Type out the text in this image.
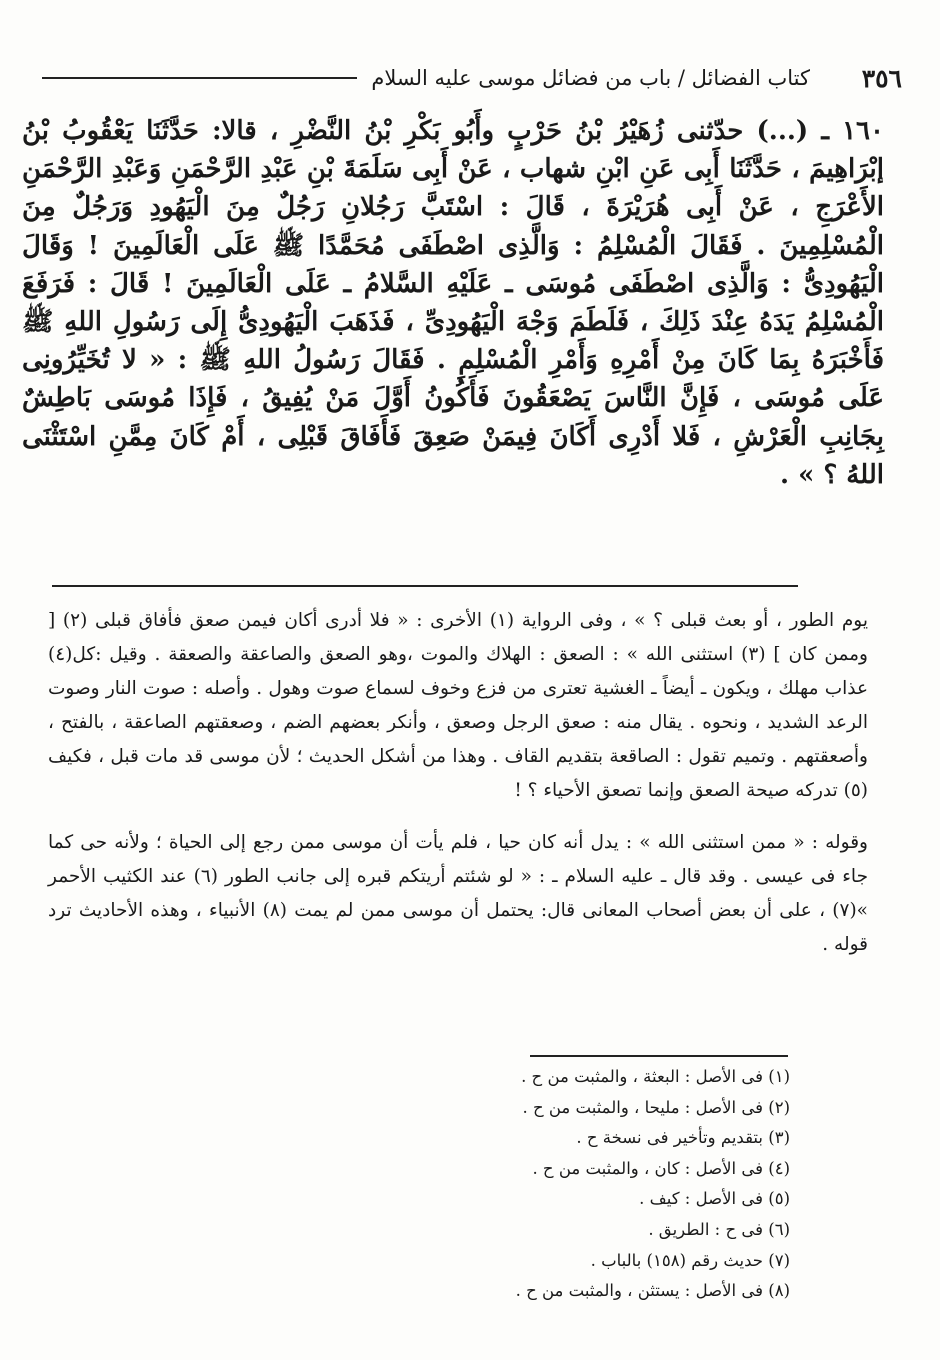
كتاب الفضائل / باب من فضائل موسى عليه السلام ٣٥٦

١٦٠ ـ (...) حدّثنى زُهَيْرُ بْنُ حَرْبٍ وأَبُو بَكْرِ بْنُ النَّضْرِ ، قالا: حَدَّثَنَا يَعْقُوبُ بْنُ إبْرَاهِيمَ ، حَدَّثَنَا أَبِى عَنِ ابْنِ شهاب ، عَنْ أَبِى سَلَمَةَ بْنِ عَبْدِ الرَّحْمَنِ وَعَبْدِ الرَّحْمَنِ الأَعْرَجِ ، عَنْ أَبِى هُرَيْرَةَ ، قَالَ : اسْتَبَّ رَجُلانِ رَجُلٌ مِنَ الْيَهُودِ وَرَجُلٌ مِنَ الْمُسْلِمِينَ . فَقَالَ الْمُسْلِمُ : وَالَّذِى اصْطَفَى مُحَمَّدًا ﷺ عَلَى الْعَالَمِينَ ! وَقَالَ الْيَهُودِىُّ : وَالَّذِى اصْطَفَى مُوسَى ـ عَلَيْهِ السَّلامُ ـ عَلَى الْعَالَمِينَ ! قَالَ : فَرَفَعَ الْمُسْلِمُ يَدَهُ عِنْدَ ذَلِكَ ، فَلَطَمَ وَجْهَ الْيَهُودِىِّ ، فَذَهَبَ الْيَهُودِىُّ إِلَى رَسُولِ اللهِ ﷺ فَأَخْبَرَهُ بِمَا كَانَ مِنْ أَمْرِهِ وَأَمْرِ الْمُسْلِمِ . فَقَالَ رَسُولُ اللهِ ﷺ : « لا تُخَيِّرُونِى عَلَى مُوسَى ، فَإِنَّ النَّاسَ يَصْعَقُونَ فَأَكُونُ أَوَّلَ مَنْ يُفِيقُ ، فَإِذَا مُوسَى بَاطِشٌ بِجَانِبِ الْعَرْشِ ، فَلا أَدْرِى أَكَانَ فِيمَنْ صَعِقَ فَأَفَاقَ قَبْلِى ، أَمْ كَانَ مِمَّنِ اسْتَثْنَى اللهُ ؟ » .

يوم الطور ، أو بعث قبلى ؟ » ، وفى الرواية (١) الأخرى : « فلا أدرى أكان فيمن صعق فأفاق قبلى (٢) [ وممن كان ] (٣) استثنى الله » : الصعق : الهلاك والموت ،وهو الصعق والصاعقة والصعقة . وقيل :كل(٤) عذاب مهلك ، ويكون ـ أيضاً ـ الغشية تعترى من فزع وخوف لسماع صوت وهول . وأصله : صوت النار وصوت الرعد الشديد ، ونحوه . يقال منه : صعق الرجل وصعق ، وأنكر بعضهم الضم ، وصعقتهم الصاعقة ، بالفتح ، وأصعقتهم . وتميم تقول : الصاقعة بتقديم القاف . وهذا من أشكل الحديث ؛ لأن موسى قد مات قبل ، فكيف (٥) تدركه صيحة الصعق وإنما تصعق الأحياء ؟ !

وقوله : « ممن استثنى الله » : يدل أنه كان حيا ، فلم يأت أن موسى ممن رجع إلى الحياة ؛ ولأنه حى كما جاء فى عيسى . وقد قال ـ عليه السلام ـ : « لو شئتم أريتكم قبره إلى جانب الطور (٦) عند الكثيب الأحمر »(٧) ، على أن بعض أصحاب المعانى قال: يحتمل أن موسى ممن لم يمت (٨) الأنبياء ، وهذه الأحاديث ترد قوله .

(١) فى الأصل : البعثة ، والمثبت من ح .
(٢) فى الأصل : مليحا ، والمثبت من ح .
(٣) بتقديم وتأخير فى نسخة ح .
(٤) فى الأصل : كان ، والمثبت من ح .
(٥) فى الأصل : كيف .
(٦) فى ح : الطريق .
(٧) حديث رقم (١٥٨) بالباب .
(٨) فى الأصل : يستثن ، والمثبت من ح .
